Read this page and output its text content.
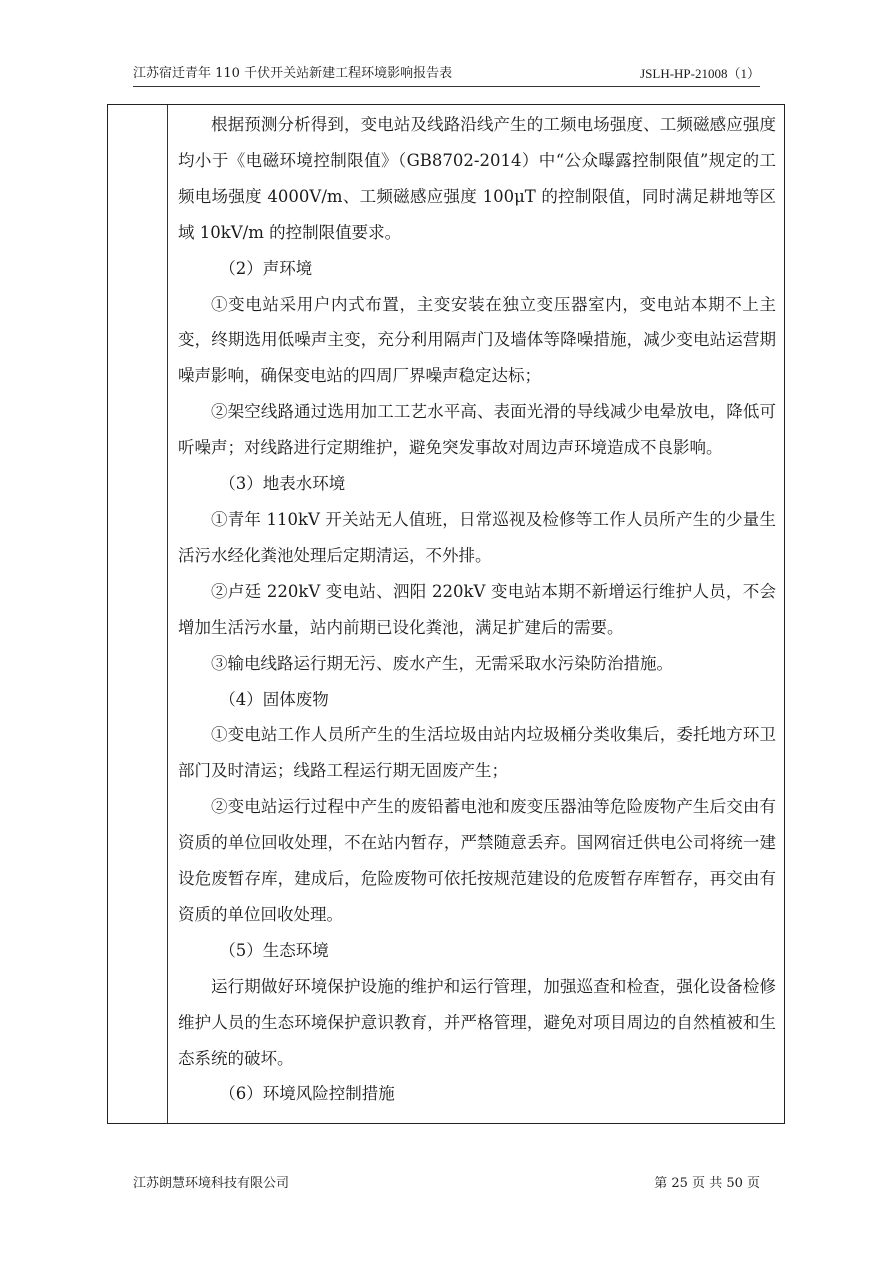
江苏宿迁青年 110 千伏开关站新建工程环境影响报告表	JSLH-HP-21008（1）

根据预测分析得到，变电站及线路沿线产生的工频电场强度、工频磁感应强度均小于《电磁环境控制限值》（GB8702-2014）中“公众曝露控制限值”规定的工频电场强度 4000V/m、工频磁感应强度 100μT 的控制限值，同时满足耕地等区域 10kV/m 的控制限值要求。

（2）声环境

①变电站采用户内式布置，主变安装在独立变压器室内，变电站本期不上主变，终期选用低噪声主变，充分利用隔声门及墙体等降噪措施，减少变电站运营期噪声影响，确保变电站的四周厂界噪声稳定达标；

②架空线路通过选用加工工艺水平高、表面光滑的导线减少电晕放电，降低可听噪声；对线路进行定期维护，避免突发事故对周边声环境造成不良影响。

（3）地表水环境

①青年 110kV 开关站无人值班，日常巡视及检修等工作人员所产生的少量生活污水经化粪池处理后定期清运，不外排。

②卢廷 220kV 变电站、泗阳 220kV 变电站本期不新增运行维护人员，不会增加生活污水量，站内前期已设化粪池，满足扩建后的需要。

③输电线路运行期无污、废水产生，无需采取水污染防治措施。

（4）固体废物

①变电站工作人员所产生的生活垃圾由站内垃圾桶分类收集后，委托地方环卫部门及时清运；线路工程运行期无固废产生；

②变电站运行过程中产生的废铅蓄电池和废变压器油等危险废物产生后交由有资质的单位回收处理，不在站内暂存，严禁随意丢弃。国网宿迁供电公司将统一建设危废暂存库，建成后，危险废物可依托按规范建设的危废暂存库暂存，再交由有资质的单位回收处理。

（5）生态环境

运行期做好环境保护设施的维护和运行管理，加强巡查和检查，强化设备检修维护人员的生态环境保护意识教育，并严格管理，避免对项目周边的自然植被和生态系统的破坏。

（6）环境风险控制措施

江苏朗慧环境科技有限公司	第 25 页 共 50 页
